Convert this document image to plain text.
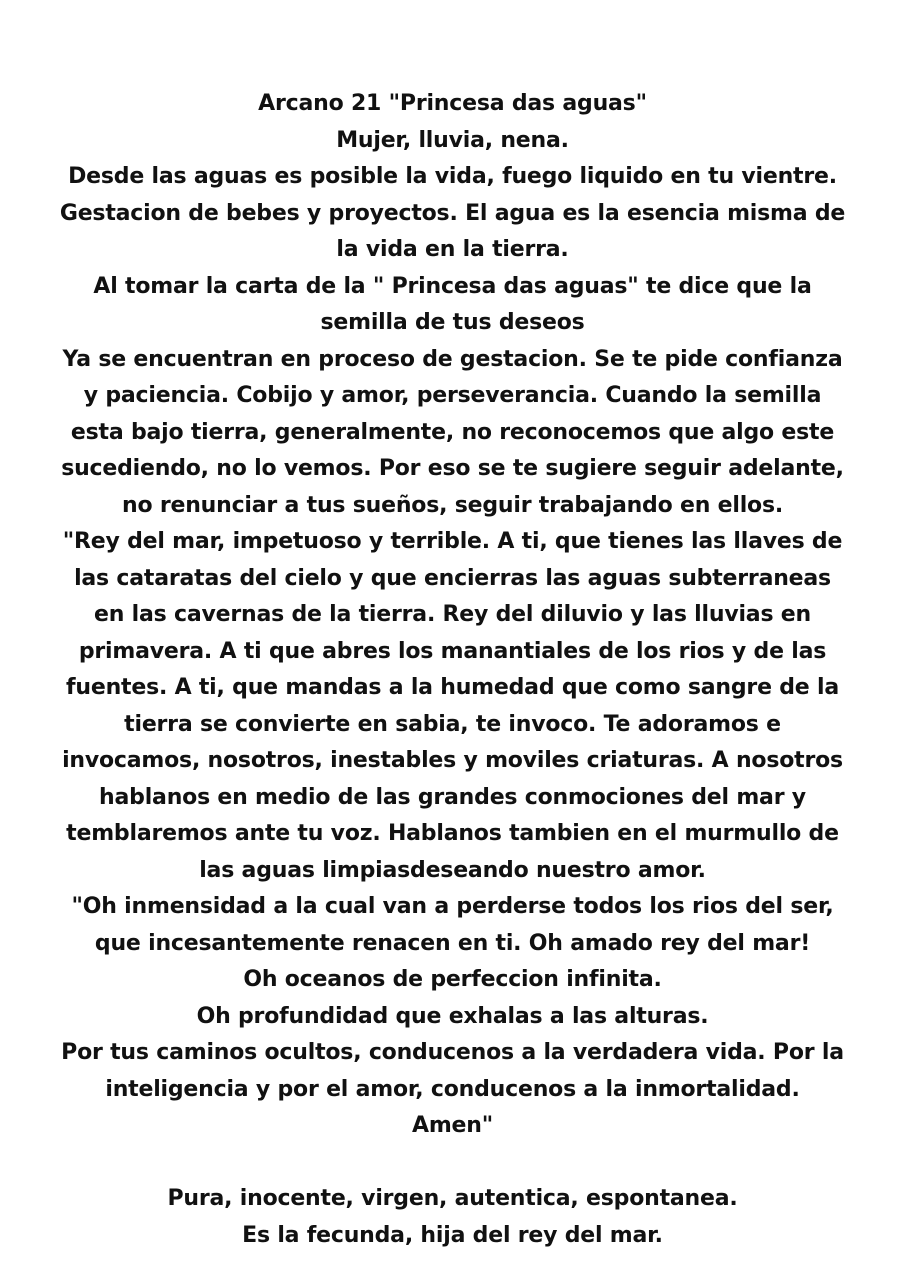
Arcano 21 "Princesa das aguas"
Mujer, lluvia, nena.
Desde las aguas es posible la vida, fuego liquido en tu vientre.
Gestacion de bebes y proyectos. El agua es la esencia misma de
la vida en la tierra.
Al tomar la carta de la " Princesa das aguas" te dice que la
semilla de tus deseos
Ya se encuentran en proceso de gestacion. Se te pide confianza
y paciencia. Cobijo y amor, perseverancia. Cuando la semilla
esta bajo tierra, generalmente, no reconocemos que algo este
sucediendo, no lo vemos. Por eso se te sugiere seguir adelante,
no renunciar a tus sueños, seguir trabajando en ellos.
"Rey del mar, impetuoso y terrible. A ti, que tienes las llaves de
las cataratas del cielo y que encierras las aguas subterraneas
en las cavernas de la tierra. Rey del diluvio y las lluvias en
primavera. A ti que abres los manantiales de los rios y de las
fuentes. A ti, que mandas a la humedad que como sangre de la
tierra se convierte en sabia, te invoco. Te adoramos e
invocamos, nosotros, inestables y moviles criaturas. A nosotros
hablanos en medio de las grandes conmociones del mar y
temblaremos ante tu voz. Hablanos tambien en el murmullo de
las aguas limpiasdeseando nuestro amor.
"Oh inmensidad a la cual van a perderse todos los rios del ser,
que incesantemente renacen en ti. Oh amado rey del mar!
Oh oceanos de perfeccion infinita.
Oh profundidad que exhalas a las alturas.
Por tus caminos ocultos, conducenos a la verdadera vida. Por la
inteligencia y por el amor, conducenos a la inmortalidad.
Amen"
Pura, inocente, virgen, autentica, espontanea.
Es la fecunda, hija del rey del mar.
